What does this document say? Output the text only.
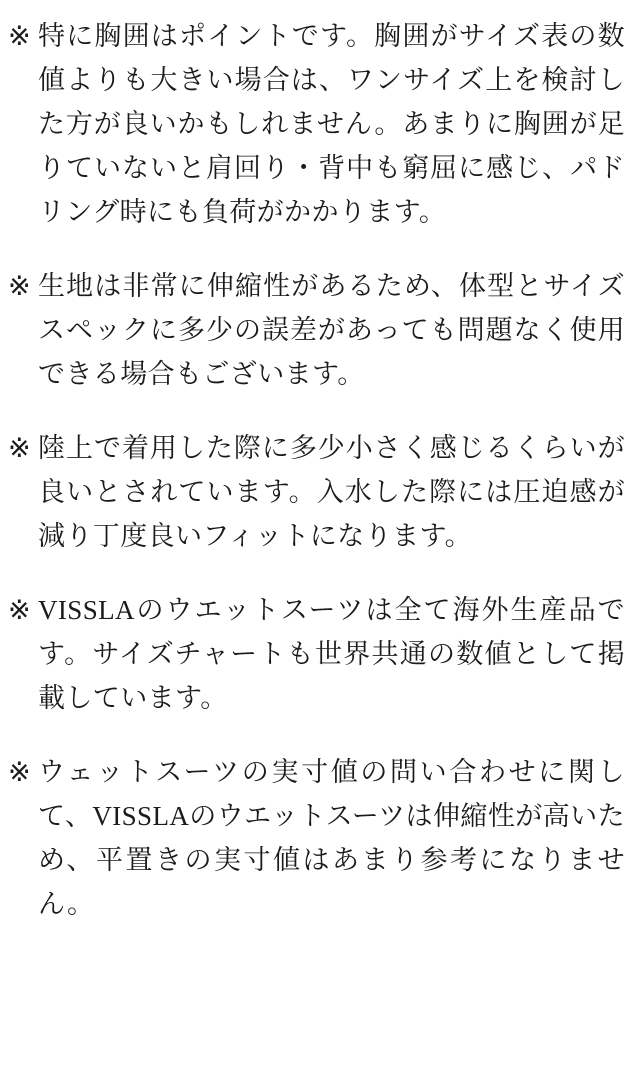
※ 特に胸囲はポイントです。胸囲がサイズ表の数値よりも大きい場合は、ワンサイズ上を検討した方が良いかもしれません。あまりに胸囲が足りていないと肩回り・背中も窮屈に感じ、パドリング時にも負荷がかかります。
※ 生地は非常に伸縮性があるため、体型とサイズスペックに多少の誤差があっても問題なく使用できる場合もございます。
※ 陸上で着用した際に多少小さく感じるくらいが良いとされています。入水した際には圧迫感が減り丁度良いフィットになります。
※ VISSLAのウエットスーツは全て海外生産品です。サイズチャートも世界共通の数値として掲載しています。
※ ウェットスーツの実寸値の問い合わせに関して、VISSLAのウエットスーツは伸縮性が高いため、平置きの実寸値はあまり参考になりません。
